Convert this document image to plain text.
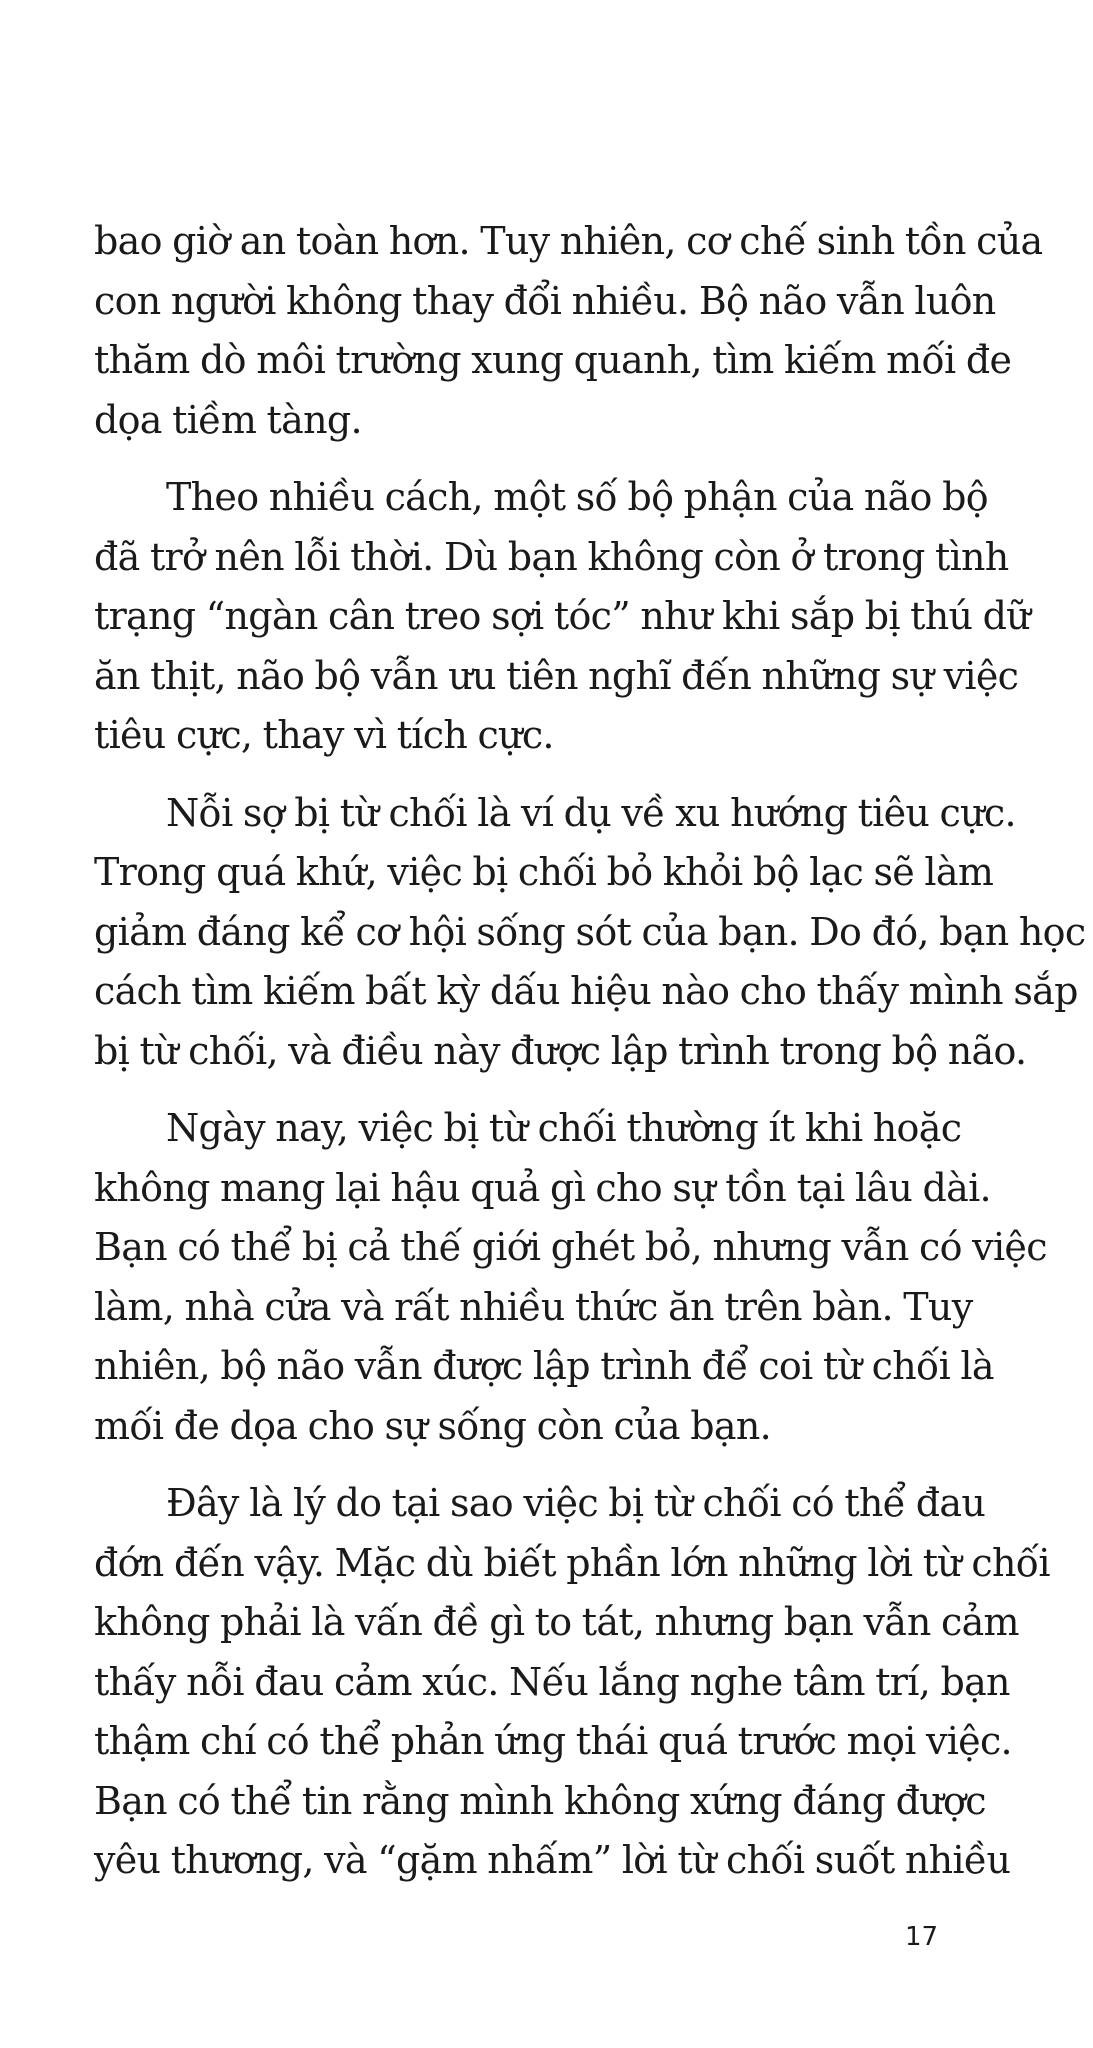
bao giờ an toàn hơn. Tuy nhiên, cơ chế sinh tồn của
con người không thay đổi nhiều. Bộ não vẫn luôn
thăm dò môi trường xung quanh, tìm kiếm mối đe
dọa tiềm tàng.

Theo nhiều cách, một số bộ phận của não bộ
đã trở nên lỗi thời. Dù bạn không còn ở trong tình
trạng “ngàn cân treo sợi tóc” như khi sắp bị thú dữ
ăn thịt, não bộ vẫn ưu tiên nghĩ đến những sự việc
tiêu cực, thay vì tích cực.

Nỗi sợ bị từ chối là ví dụ về xu hướng tiêu cực.
Trong quá khứ, việc bị chối bỏ khỏi bộ lạc sẽ làm
giảm đáng kể cơ hội sống sót của bạn. Do đó, bạn học
cách tìm kiếm bất kỳ dấu hiệu nào cho thấy mình sắp
bị từ chối, và điều này được lập trình trong bộ não.

Ngày nay, việc bị từ chối thường ít khi hoặc
không mang lại hậu quả gì cho sự tồn tại lâu dài.
Bạn có thể bị cả thế giới ghét bỏ, nhưng vẫn có việc
làm, nhà cửa và rất nhiều thức ăn trên bàn. Tuy
nhiên, bộ não vẫn được lập trình để coi từ chối là
mối đe dọa cho sự sống còn của bạn.

Đây là lý do tại sao việc bị từ chối có thể đau
đớn đến vậy. Mặc dù biết phần lớn những lời từ chối
không phải là vấn đề gì to tát, nhưng bạn vẫn cảm
thấy nỗi đau cảm xúc. Nếu lắng nghe tâm trí, bạn
thậm chí có thể phản ứng thái quá trước mọi việc.
Bạn có thể tin rằng mình không xứng đáng được
yêu thương, và “gặm nhấm” lời từ chối suốt nhiều

17
